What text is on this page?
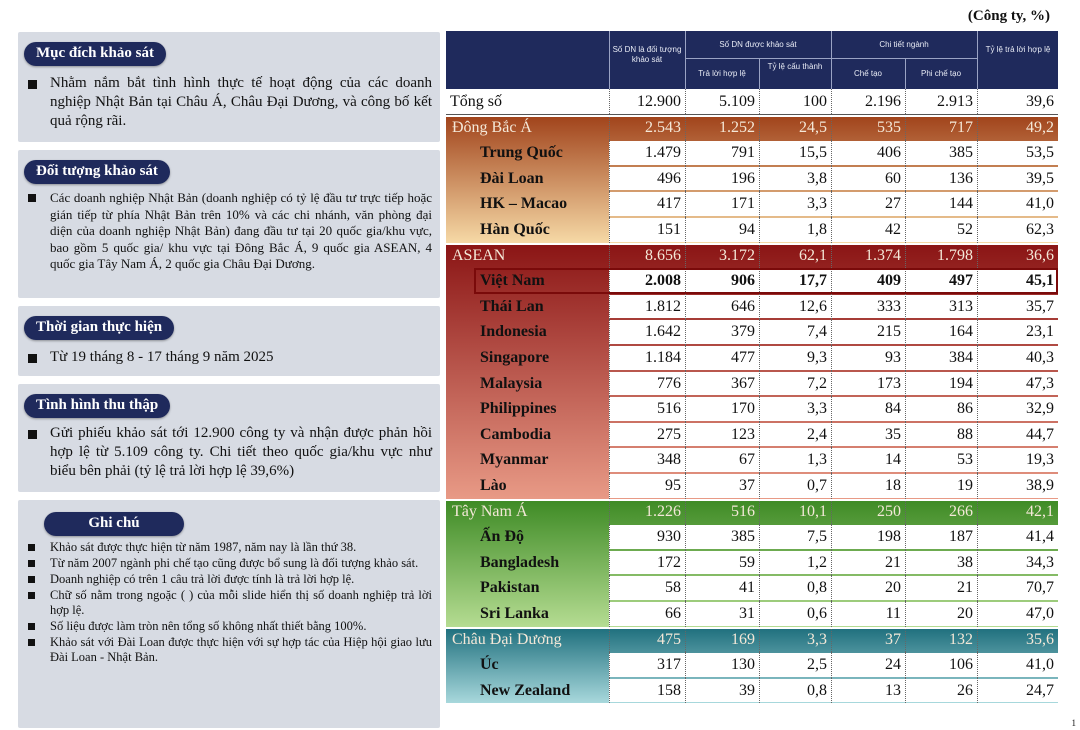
(Công ty, %)
Mục đích khảo sát
Nhằm nắm bắt tình hình thực tế hoạt động của các doanh nghiệp Nhật Bản tại Châu Á, Châu Đại Dương, và công bố kết quả rộng rãi.
Đối tượng khảo sát
Các doanh nghiệp Nhật Bản (doanh nghiệp có tỷ lệ đầu tư trực tiếp hoặc gián tiếp từ phía Nhật Bản trên 10% và các chi nhánh, văn phòng đại diện của doanh nghiệp Nhật Bản) đang đầu tư tại 20 quốc gia/khu vực, bao gồm 5 quốc gia/ khu vực tại Đông Bắc Á, 9 quốc gia ASEAN, 4 quốc gia Tây Nam Á, 2 quốc gia Châu Đại Dương.
Thời gian thực hiện
Từ 19 tháng 8 - 17 tháng 9 năm 2025
Tình hình thu thập
Gửi phiếu khảo sát tới 12.900 công ty và nhận được phản hồi hợp lệ từ 5.109 công ty. Chi tiết theo quốc gia/khu vực như biểu bên phải (tỷ lệ trả lời hợp lệ 39,6%)
Ghi chú
Khảo sát được thực hiện từ năm 1987, năm nay là lần thứ 38.
Từ năm 2007 ngành phi chế tạo cũng được bổ sung là đối tượng khảo sát.
Doanh nghiệp có trên 1 câu trả lời được tính là trả lời hợp lệ.
Chữ số nằm trong ngoặc ( ) của mỗi slide hiển thị số doanh nghiệp trả lời hợp lệ.
Số liệu được làm tròn nên tổng số không nhất thiết bằng 100%.
Khảo sát với Đài Loan được thực hiện với sự hợp tác của Hiệp hội giao lưu Đài Loan - Nhật Bản.
Số DN là đối tượng khảo sát
Số DN được khảo sát
Trả lời hợp lệ
Tỷ lệ cấu thành
Chi tiết ngành
Chế tạo	Phi chế tạo
Tỷ lệ trả lời hợp lệ
Tổng số	12.900	5.109	100	2.196	2.913	39,6
Đông Bắc Á	2.543	1.252	24,5	535	717	49,2
Trung Quốc	1.479	791	15,5	406	385	53,5
Đài Loan	496	196	3,8	60	136	39,5
HK – Macao	417	171	3,3	27	144	41,0
Hàn Quốc	151	94	1,8	42	52	62,3
ASEAN	8.656	3.172	62,1	1.374	1.798	36,6
Việt Nam	2.008	906	17,7	409	497	45,1
Thái Lan	1.812	646	12,6	333	313	35,7
Indonesia	1.642	379	7,4	215	164	23,1
Singapore	1.184	477	9,3	93	384	40,3
Malaysia	776	367	7,2	173	194	47,3
Philippines	516	170	3,3	84	86	32,9
Cambodia	275	123	2,4	35	88	44,7
Myanmar	348	67	1,3	14	53	19,3
Lào	95	37	0,7	18	19	38,9
Tây Nam Á	1.226	516	10,1	250	266	42,1
Ấn Độ	930	385	7,5	198	187	41,4
Bangladesh	172	59	1,2	21	38	34,3
Pakistan	58	41	0,8	20	21	70,7
Sri Lanka	66	31	0,6	11	20	47,0
Châu Đại Dương	475	169	3,3	37	132	35,6
Úc	317	130	2,5	24	106	41,0
New Zealand	158	39	0,8	13	26	24,7
1
